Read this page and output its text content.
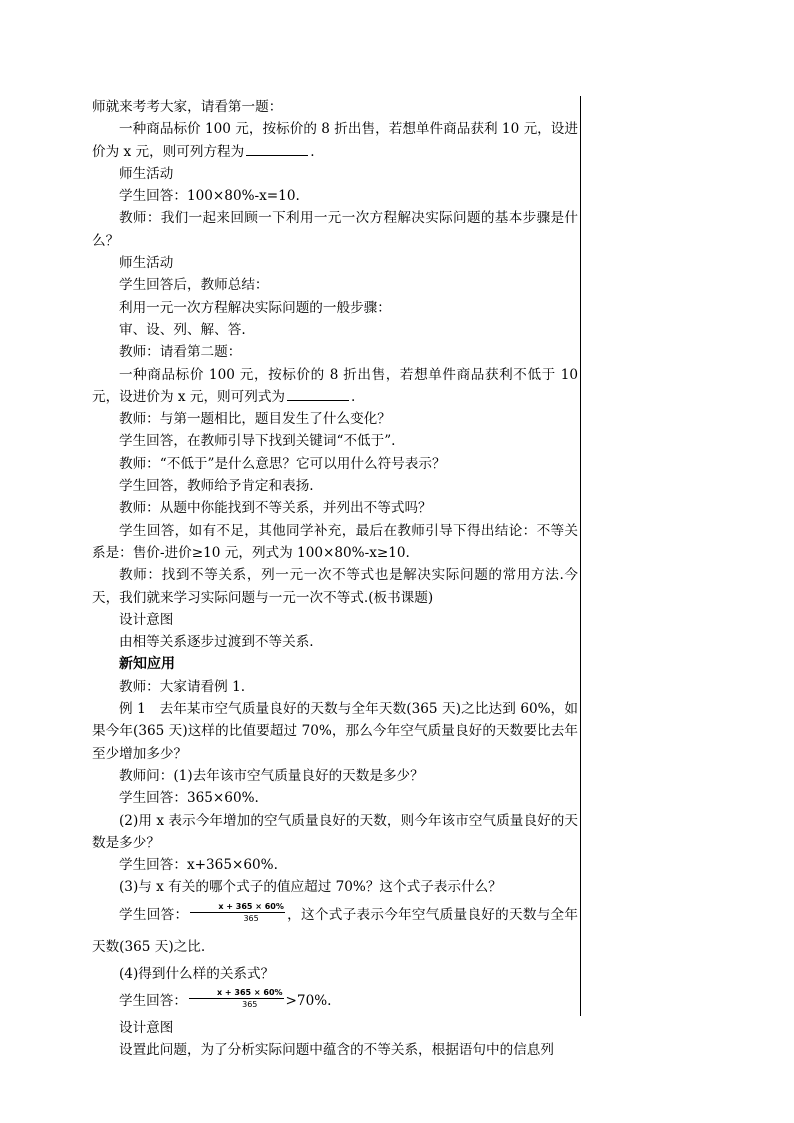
师就来考考大家，请看第一题：

一种商品标价 100 元，按标价的 8 折出售，若想单件商品获利 10 元，设进价为 x 元，则可列方程为	.

师生活动

学生回答：100×80%-x=10.

教师：我们一起来回顾一下利用一元一次方程解决实际问题的基本步骤是什么？

师生活动

学生回答后，教师总结：

利用一元一次方程解决实际问题的一般步骤：

审、设、列、解、答.

教师：请看第二题：

一种商品标价 100 元，按标价的 8 折出售，若想单件商品获利不低于 10 元，设进价为 x 元，则可列式为	.

教师：与第一题相比，题目发生了什么变化？

学生回答，在教师引导下找到关键词“不低于”.

教师：“不低于”是什么意思？它可以用什么符号表示？

学生回答，教师给予肯定和表扬.

教师：从题中你能找到不等关系，并列出不等式吗？

学生回答，如有不足，其他同学补充，最后在教师引导下得出结论：不等关系是：售价-进价≥10 元，列式为 100×80%-x≥10.

教师：找到不等关系，列一元一次不等式也是解决实际问题的常用方法.今天，我们就来学习实际问题与一元一次不等式.(板书课题)

设计意图

由相等关系逐步过渡到不等关系.

新知应用

教师：大家请看例 1.

例 1　去年某市空气质量良好的天数与全年天数(365 天)之比达到 60%，如果今年(365 天)这样的比值要超过 70%，那么今年空气质量良好的天数要比去年至少增加多少？

教师问：(1)去年该市空气质量良好的天数是多少？

学生回答：365×60%.

(2)用 x 表示今年增加的空气质量良好的天数，则今年该市空气质量良好的天数是多少？

学生回答：x+365×60%.

(3)与 x 有关的哪个式子的值应超过 70%？这个式子表示什么？

学生回答： $\frac{x + 365 \times 60\%}{365}$ ，这个式子表示今年空气质量良好的天数与全年天数(365 天)之比.

(4)得到什么样的关系式？

学生回答： $\frac{x + 365 \times 60\%}{365} >70\%$.

设计意图

设置此问题，为了分析实际问题中蕴含的不等关系，根据语句中的信息列
